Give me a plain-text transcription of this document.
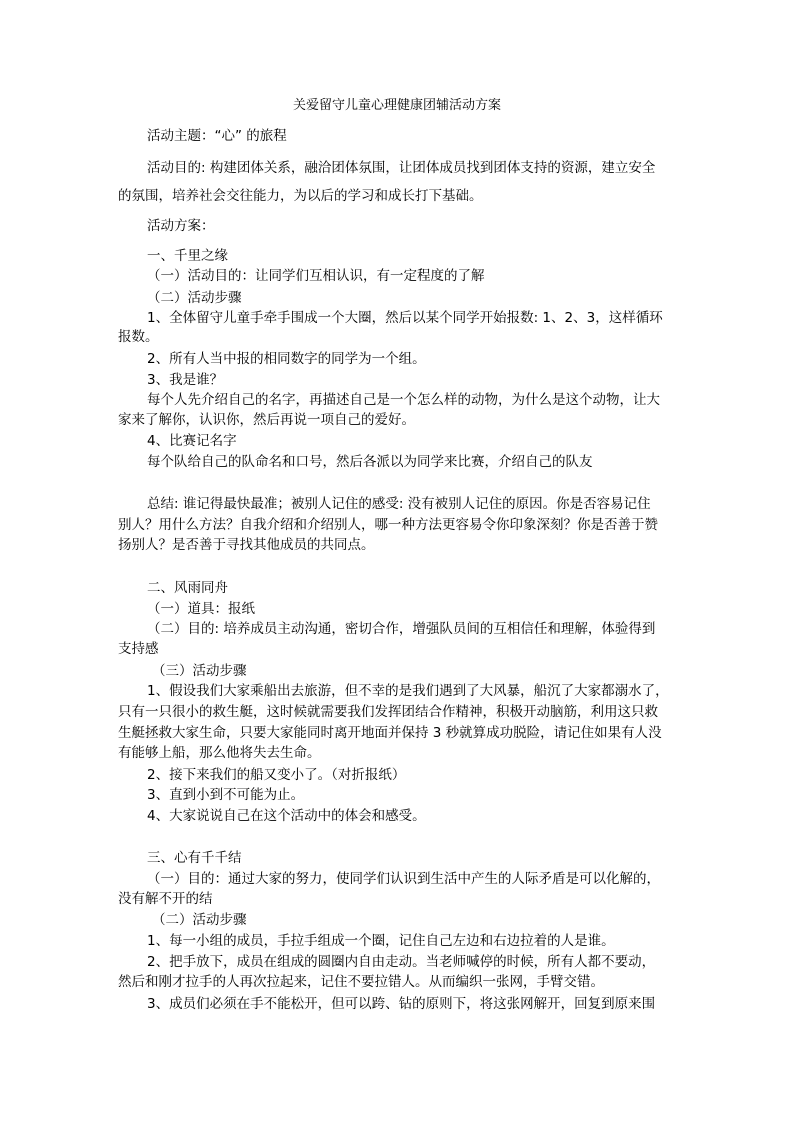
关爱留守儿童心理健康团辅活动方案
活动主题：“心” 的旅程
活动目的: 构建团体关系，融洽团体氛围，让团体成员找到团体支持的资源，建立安全
的氛围，培养社会交往能力，为以后的学习和成长打下基础。
活动方案：
一、千里之缘
（一）活动目的：让同学们互相认识，有一定程度的了解
（二）活动步骤
1、全体留守儿童手牵手围成一个大圈，然后以某个同学开始报数: 1、2、3，这样循环
报数。
2、所有人当中报的相同数字的同学为一个组。
3、我是谁？
每个人先介绍自己的名字，再描述自己是一个怎么样的动物，为什么是这个动物，让大
家来了解你，认识你，然后再说一项自己的爱好。
4、比赛记名字
每个队给自己的队命名和口号，然后各派以为同学来比赛，介绍自己的队友
总结: 谁记得最快最准；被别人记住的感受: 没有被别人记住的原因。你是否容易记住
别人？用什么方法？自我介绍和介绍别人，哪一种方法更容易令你印象深刻？你是否善于赞
扬别人？是否善于寻找其他成员的共同点。
二、风雨同舟
（一）道具：报纸
（二）目的: 培养成员主动沟通，密切合作，增强队员间的互相信任和理解，体验得到
支持感
（三）活动步骤
1、假设我们大家乘船出去旅游，但不幸的是我们遇到了大风暴，船沉了大家都溺水了，
只有一只很小的救生艇，这时候就需要我们发挥团结合作精神，积极开动脑筋，利用这只救
生艇拯救大家生命，只要大家能同时离开地面并保持 3 秒就算成功脱险，请记住如果有人没
有能够上船，那么他将失去生命。
2、接下来我们的船又变小了。（对折报纸）
3、直到小到不可能为止。
4、大家说说自己在这个活动中的体会和感受。
三、心有千千结
（一）目的：通过大家的努力，使同学们认识到生活中产生的人际矛盾是可以化解的，
没有解不开的结
（二）活动步骤
1、每一小组的成员，手拉手组成一个圈，记住自己左边和右边拉着的人是谁。
2、把手放下，成员在组成的圆圈内自由走动。当老师喊停的时候，所有人都不要动，
然后和刚才拉手的人再次拉起来，记住不要拉错人。从而编织一张网，手臂交错。
3、成员们必须在手不能松开，但可以跨、钻的原则下，将这张网解开，回复到原来围
